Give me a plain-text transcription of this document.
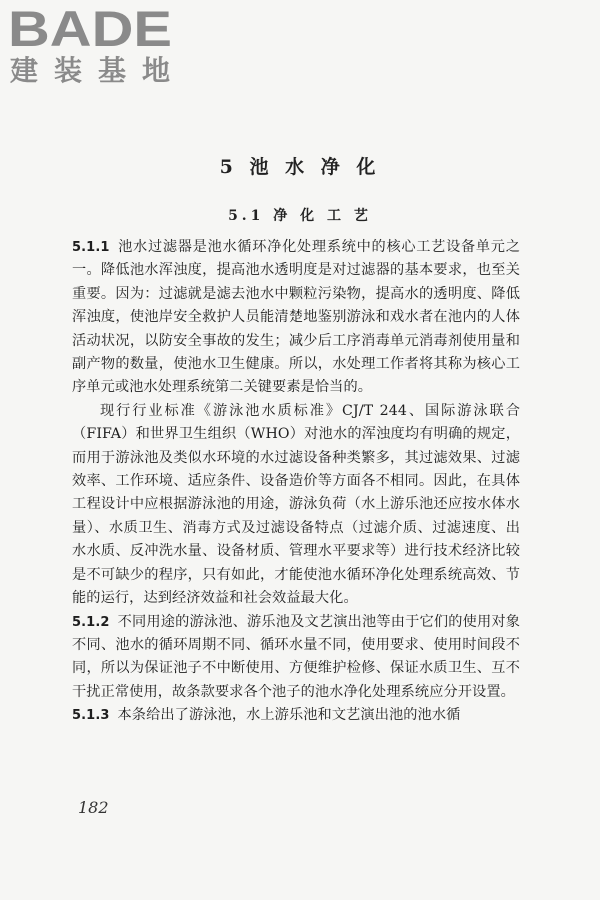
BADE
建装基地
5 池 水 净 化
5.1 净 化 工 艺

5.1.1 池水过滤器是池水循环净化处理系统中的核心工艺设备单元之一。降低池水浑浊度，提高池水透明度是对过滤器的基本要求，也至关重要。因为：过滤就是滤去池水中颗粒污染物，提高水的透明度、降低浑浊度，使池岸安全救护人员能清楚地鉴别游泳和戏水者在池内的人体活动状况，以防安全事故的发生；减少后工序消毒单元消毒剂使用量和副产物的数量，使池水卫生健康。所以，水处理工作者将其称为核心工序单元或池水处理系统第二关键要素是恰当的。

现行行业标准《游泳池水质标准》CJ/T 244、国际游泳联合（FIFA）和世界卫生组织（WHO）对池水的浑浊度均有明确的规定，而用于游泳池及类似水环境的水过滤设备种类繁多，其过滤效果、过滤效率、工作环境、适应条件、设备造价等方面各不相同。因此，在具体工程设计中应根据游泳池的用途，游泳负荷（水上游乐池还应按水体水量）、水质卫生、消毒方式及过滤设备特点（过滤介质、过滤速度、出水水质、反冲洗水量、设备材质、管理水平要求等）进行技术经济比较是不可缺少的程序，只有如此，才能使池水循环净化处理系统高效、节能的运行，达到经济效益和社会效益最大化。

5.1.2 不同用途的游泳池、游乐池及文艺演出池等由于它们的使用对象不同、池水的循环周期不同、循环水量不同，使用要求、使用时间段不同，所以为保证池子不中断使用、方便维护检修、保证水质卫生、互不干扰正常使用，故条款要求各个池子的池水净化处理系统应分开设置。

5.1.3 本条给出了游泳池，水上游乐池和文艺演出池的池水循

182
